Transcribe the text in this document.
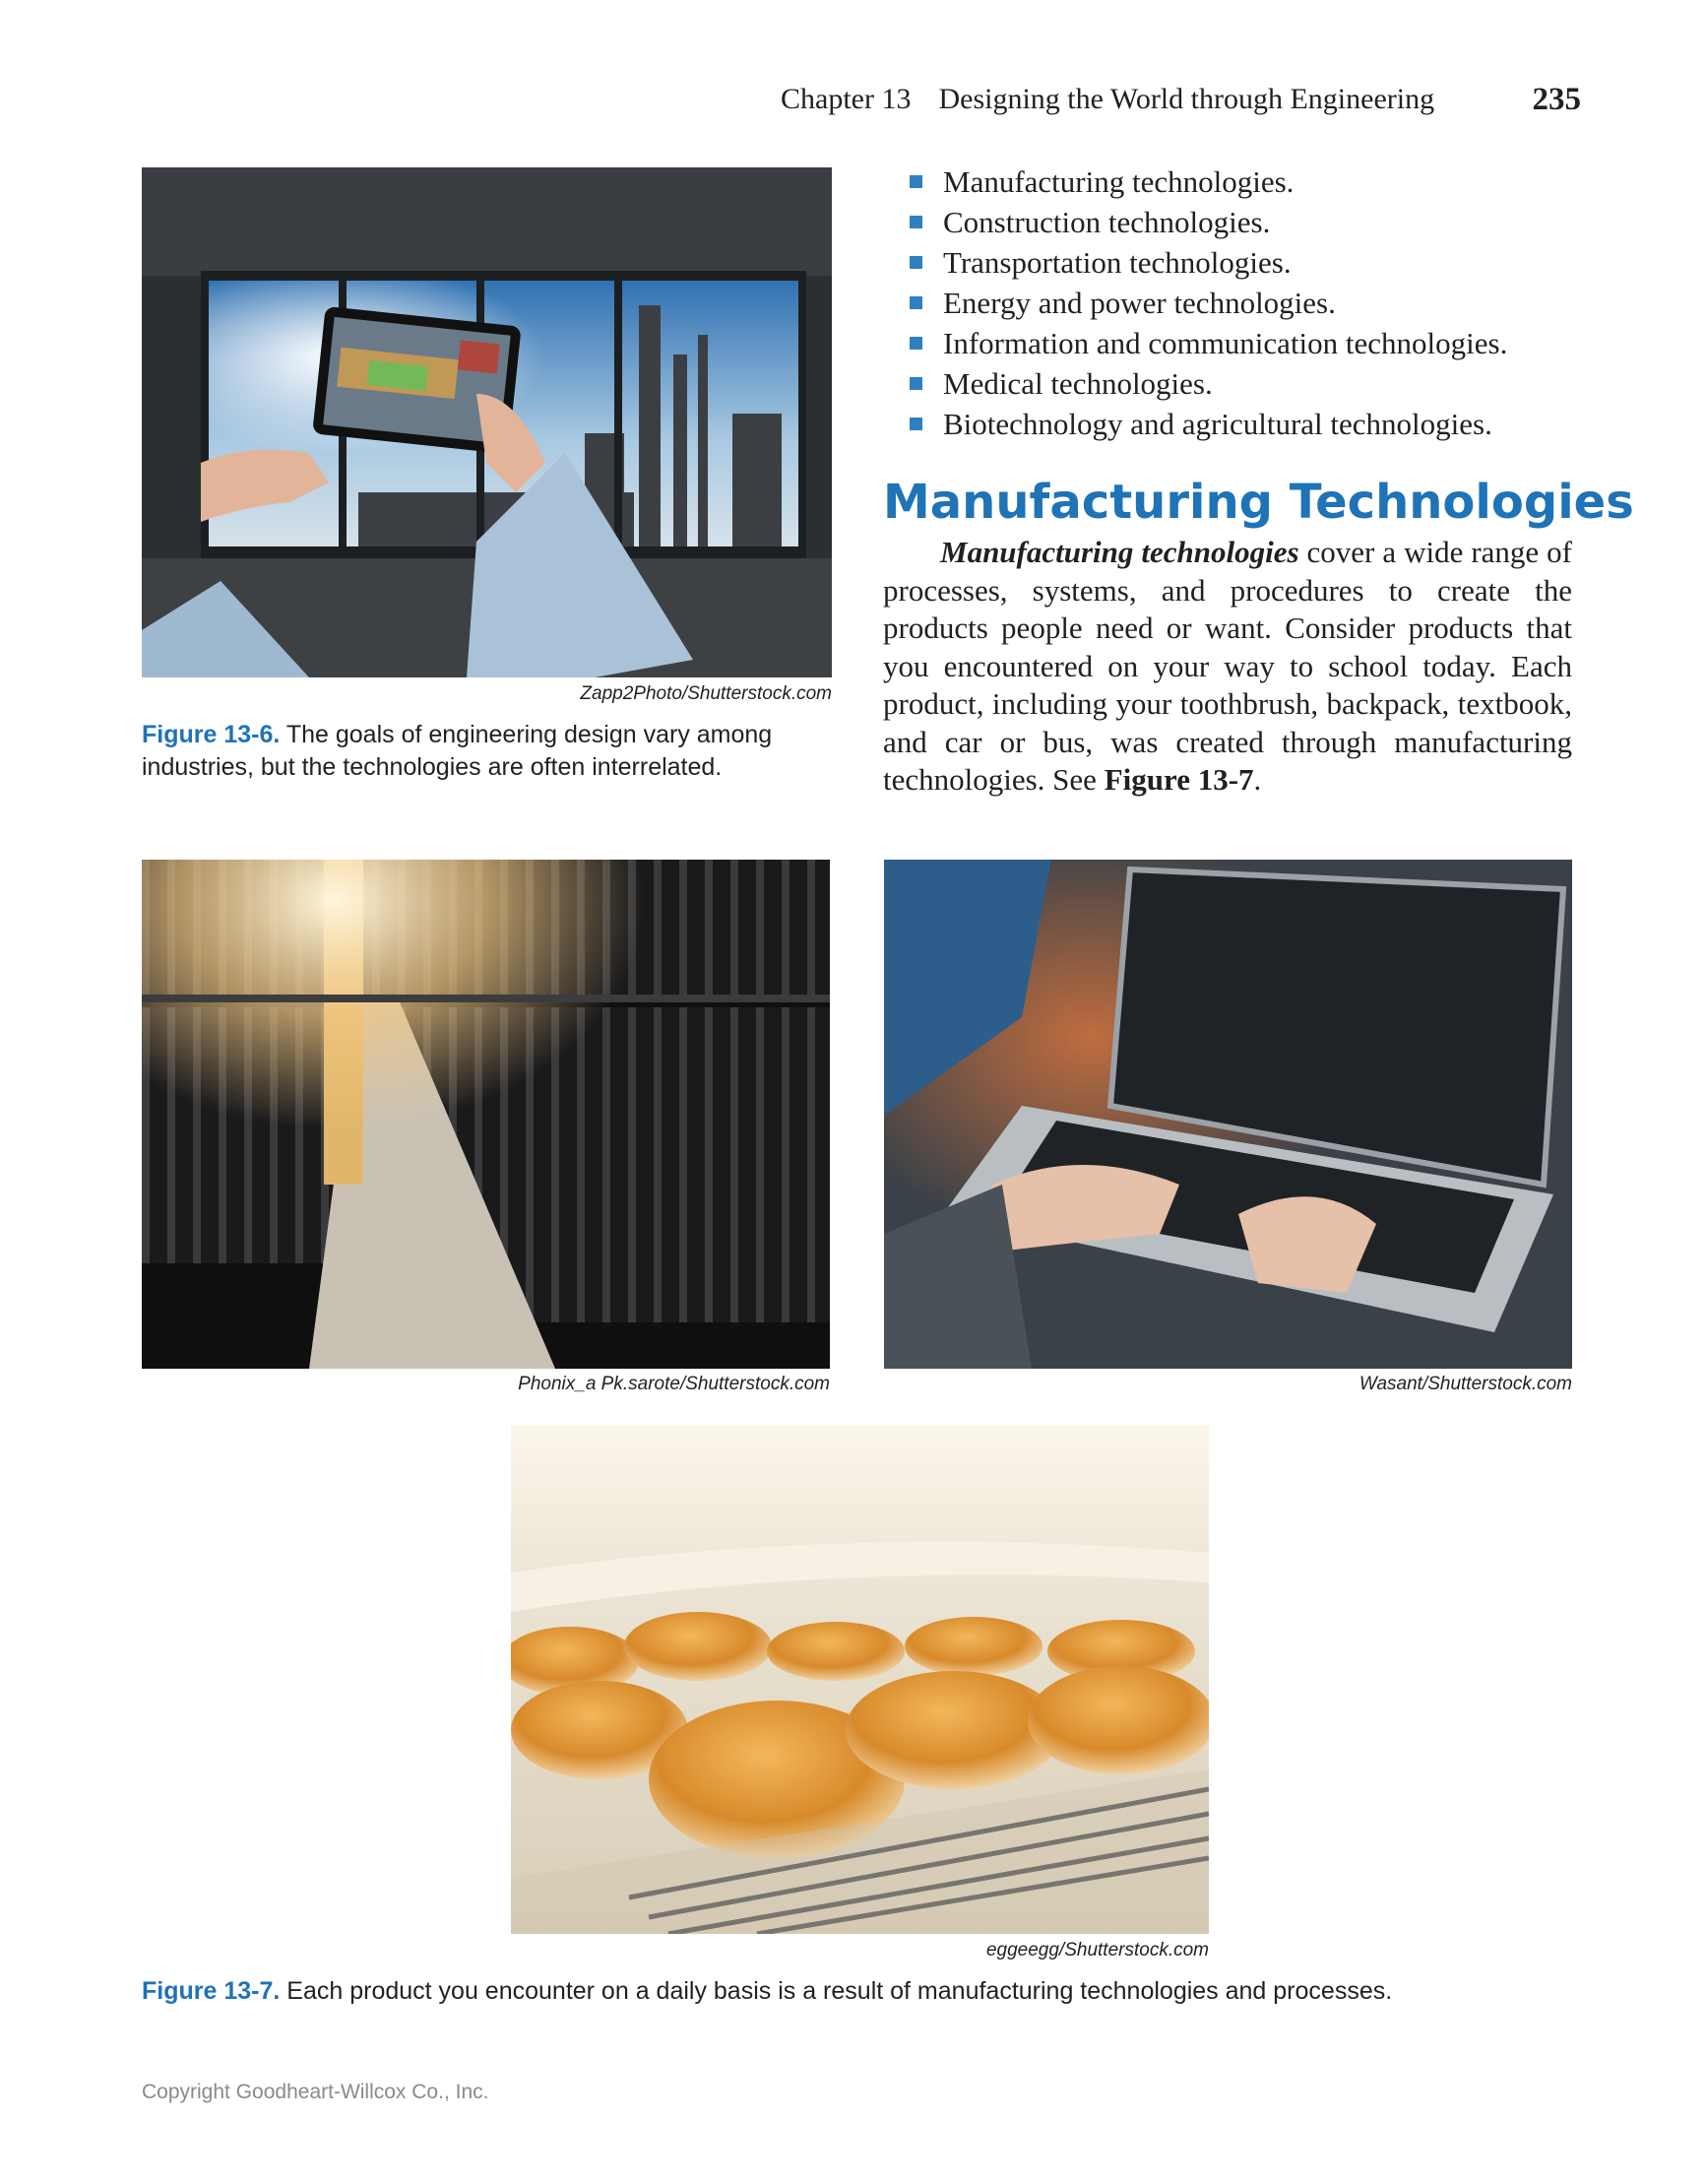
Chapter 13 Designing the World through Engineering	235
Zapp2Photo/Shutterstock.com
Figure 13-6. The goals of engineering design vary among industries, but the technologies are often interrelated.
Manufacturing technologies.
Construction technologies.
Transportation technologies.
Energy and power technologies.
Information and communication technologies.
Medical technologies.
Biotechnology and agricultural technologies.
Manufacturing Technologies

Manufacturing technologies cover a wide range of processes, systems, and procedures to create the products people need or want. Consider products that you encountered on your way to school today. Each product, including your toothbrush, backpack, textbook, and car or bus, was created through manufacturing technologies. See Figure 13-7.

Phonix_a Pk.sarote/Shutterstock.com	Wasant/Shutterstock.com
eggeegg/Shutterstock.com
Figure 13-7. Each product you encounter on a daily basis is a result of manufacturing technologies and processes.
Copyright Goodheart-Willcox Co., Inc.
